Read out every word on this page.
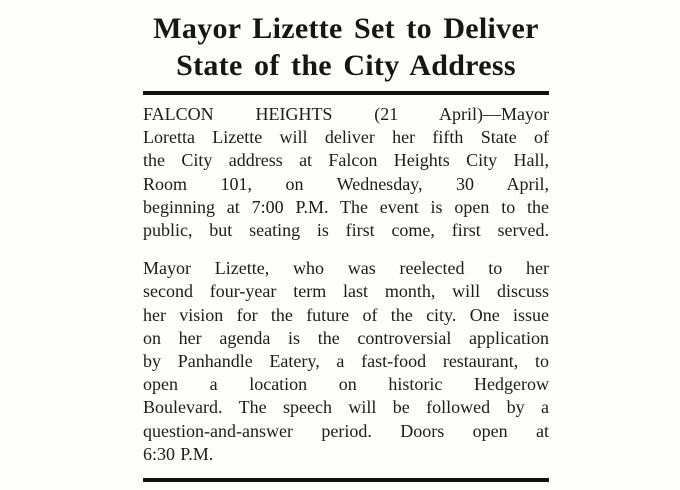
Mayor Lizette Set to Deliver
State of the City Address
FALCON HEIGHTS (21 April)—Mayor
Loretta Lizette will deliver her fifth State of
the City address at Falcon Heights City Hall,
Room 101, on Wednesday, 30 April,
beginning at 7:00 P.M. The event is open to the
public, but seating is first come, first served.
Mayor Lizette, who was reelected to her
second four-year term last month, will discuss
her vision for the future of the city. One issue
on her agenda is the controversial application
by Panhandle Eatery, a fast-food restaurant, to
open a location on historic Hedgerow
Boulevard. The speech will be followed by a
question-and-answer period. Doors open at
6:30 P.M.
